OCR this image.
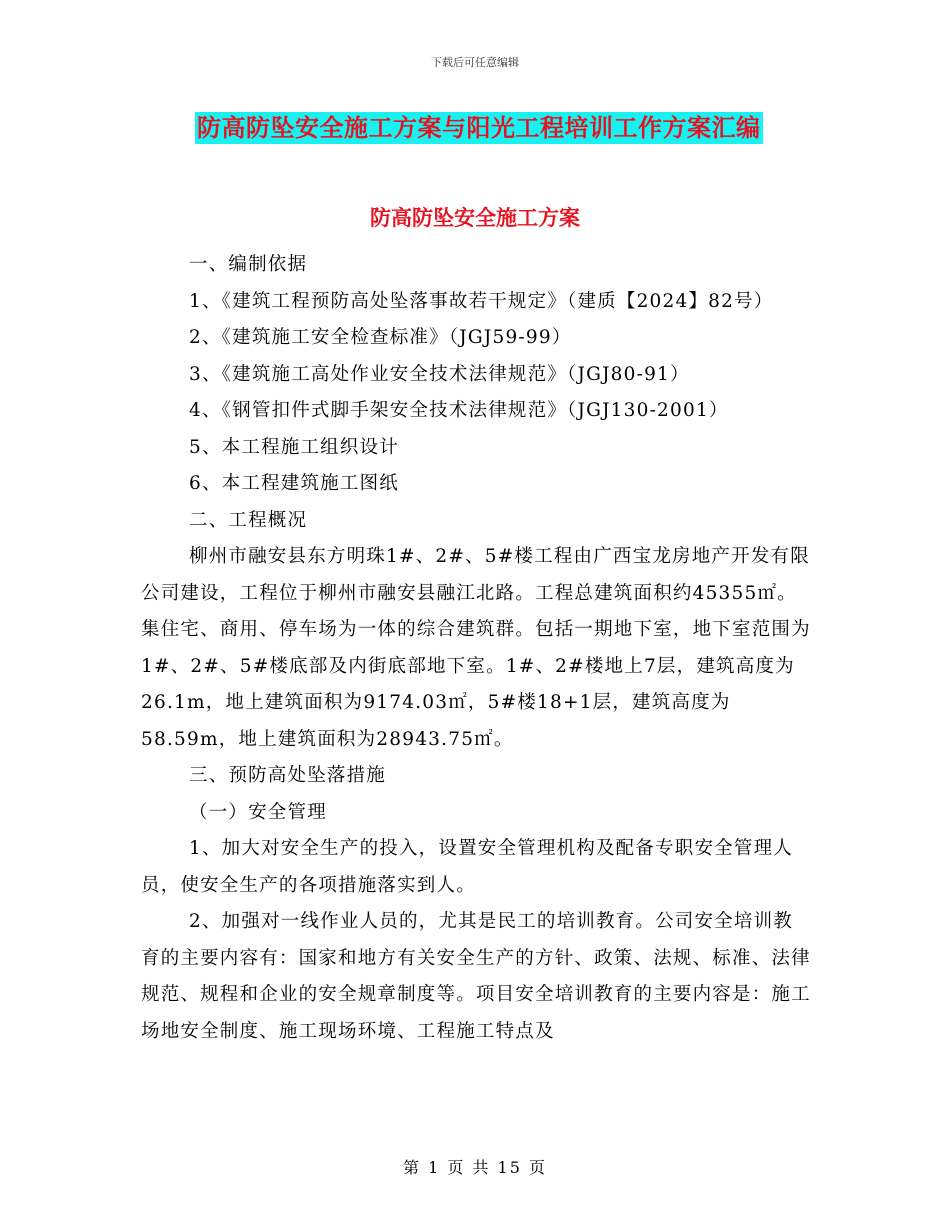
下载后可任意编辑
防高防坠安全施工方案与阳光工程培训工作方案汇编
防高防坠安全施工方案

一、编制依据

1、《建筑工程预防高处坠落事故若干规定》（建质【2024】82号）

2、《建筑施工安全检查标准》（JGJ59-99）

3、《建筑施工高处作业安全技术法律规范》（JGJ80-91）

4、《钢管扣件式脚手架安全技术法律规范》（JGJ130-2001）

5、本工程施工组织设计

6、本工程建筑施工图纸

二、工程概况

柳州市融安县东方明珠1#、2#、5#楼工程由广西宝龙房地产开发有限公司建设，工程位于柳州市融安县融江北路。工程总建筑面积约45355㎡。集住宅、商用、停车场为一体的综合建筑群。包括一期地下室，地下室范围为1#、2#、5#楼底部及内街底部地下室。1#、2#楼地上7层，建筑高度为26.1m，地上建筑面积为9174.03㎡，5#楼18+1层，建筑高度为58.59m，地上建筑面积为28943.75㎡。

三、预防高处坠落措施

（一）安全管理

1、加大对安全生产的投入，设置安全管理机构及配备专职安全管理人员，使安全生产的各项措施落实到人。

2、加强对一线作业人员的，尤其是民工的培训教育。公司安全培训教育的主要内容有：国家和地方有关安全生产的方针、政策、法规、标准、法律规范、规程和企业的安全规章制度等。项目安全培训教育的主要内容是：施工场地安全制度、施工现场环境、工程施工特点及

第 1 页 共 15 页
